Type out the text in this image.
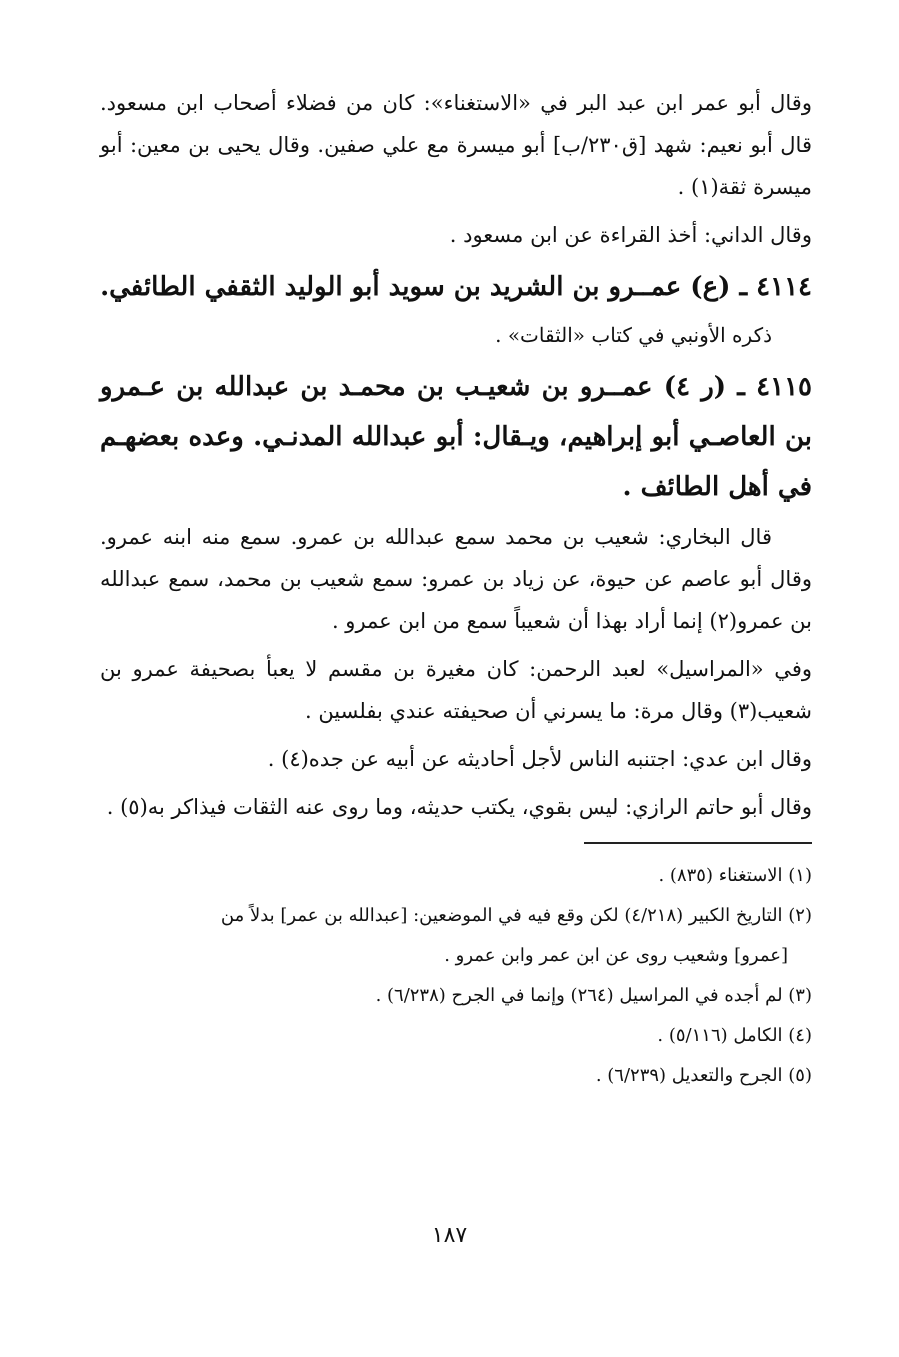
وقال أبو عمر ابن عبد البر في «الاستغناء»: كان من فضلاء أصحاب ابن مسعود. قال أبو نعيم: شهد [ق٢٣٠/ب] أبو ميسرة مع علي صفين. وقال يحيى بن معين: أبو ميسرة ثقة(١) .

وقال الداني: أخذ القراءة عن ابن مسعود .

٤١١٤ ـ (ع) عمــرو بن الشريد بن سويد أبو الوليد الثقفي الطائفي.

ذكره الأونبي في كتاب «الثقات» .

٤١١٥ ـ (ر ٤) عمــرو بن شعيـب بن محمـد بن عبدالله بن عـمرو بن العاصـي أبو إبراهيم، ويـقال: أبو عبدالله المدنـي. وعده بعضهـم في أهل الطائف .

قال البخاري: شعيب بن محمد سمع عبدالله بن عمرو. سمع منه ابنه عمرو. وقال أبو عاصم عن حيوة، عن زياد بن عمرو: سمع شعيب بن محمد، سمع عبدالله بن عمرو(٢) إنما أراد بهذا أن شعيباً سمع من ابن عمرو .

وفي «المراسيل» لعبد الرحمن: كان مغيرة بن مقسم لا يعبأ بصحيفة عمرو بن شعيب(٣) وقال مرة: ما يسرني أن صحيفته عندي بفلسين .

وقال ابن عدي: اجتنبه الناس لأجل أحاديثه عن أبيه عن جده(٤) .

وقال أبو حاتم الرازي: ليس بقوي، يكتب حديثه، وما روى عنه الثقات فيذاكر به(٥) .

(١) الاستغناء (٨٣٥) .

(٢) التاريخ الكبير (٤/٢١٨) لكن وقع فيه في الموضعين: [عبدالله بن عمر] بدلاً من
[عمرو] وشعيب روى عن ابن عمر وابن عمرو .

(٣) لم أجده في المراسيل (٢٦٤) وإنما في الجرح (٦/٢٣٨) .

(٤) الكامل (٥/١١٦) .

(٥) الجرح والتعديل (٦/٢٣٩) .

١٨٧
